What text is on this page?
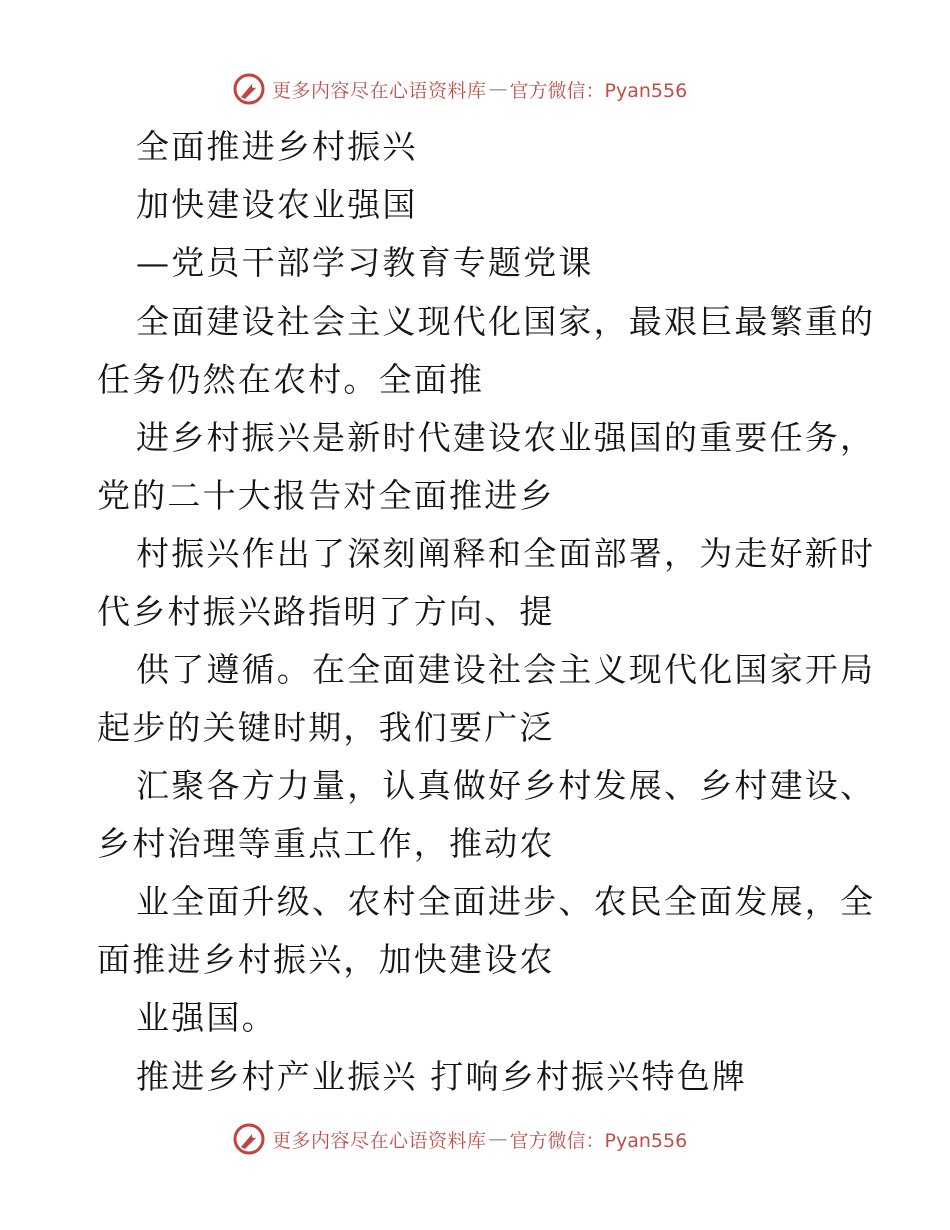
更多内容尽在心语资料库 — 官方微信：Pyan556
全面推进乡村振兴
加快建设农业强国
—党员干部学习教育专题党课
全面建设社会主义现代化国家，最艰巨最繁重的
任务仍然在农村。全面推
进乡村振兴是新时代建设农业强国的重要任务，
党的二十大报告对全面推进乡
村振兴作出了深刻阐释和全面部署，为走好新时
代乡村振兴路指明了方向、提
供了遵循。在全面建设社会主义现代化国家开局
起步的关键时期，我们要广泛
汇聚各方力量，认真做好乡村发展、乡村建设、
乡村治理等重点工作，推动农
业全面升级、农村全面进步、农民全面发展，全
面推进乡村振兴，加快建设农
业强国。
推进乡村产业振兴 打响乡村振兴特色牌
更多内容尽在心语资料库 — 官方微信：Pyan556
